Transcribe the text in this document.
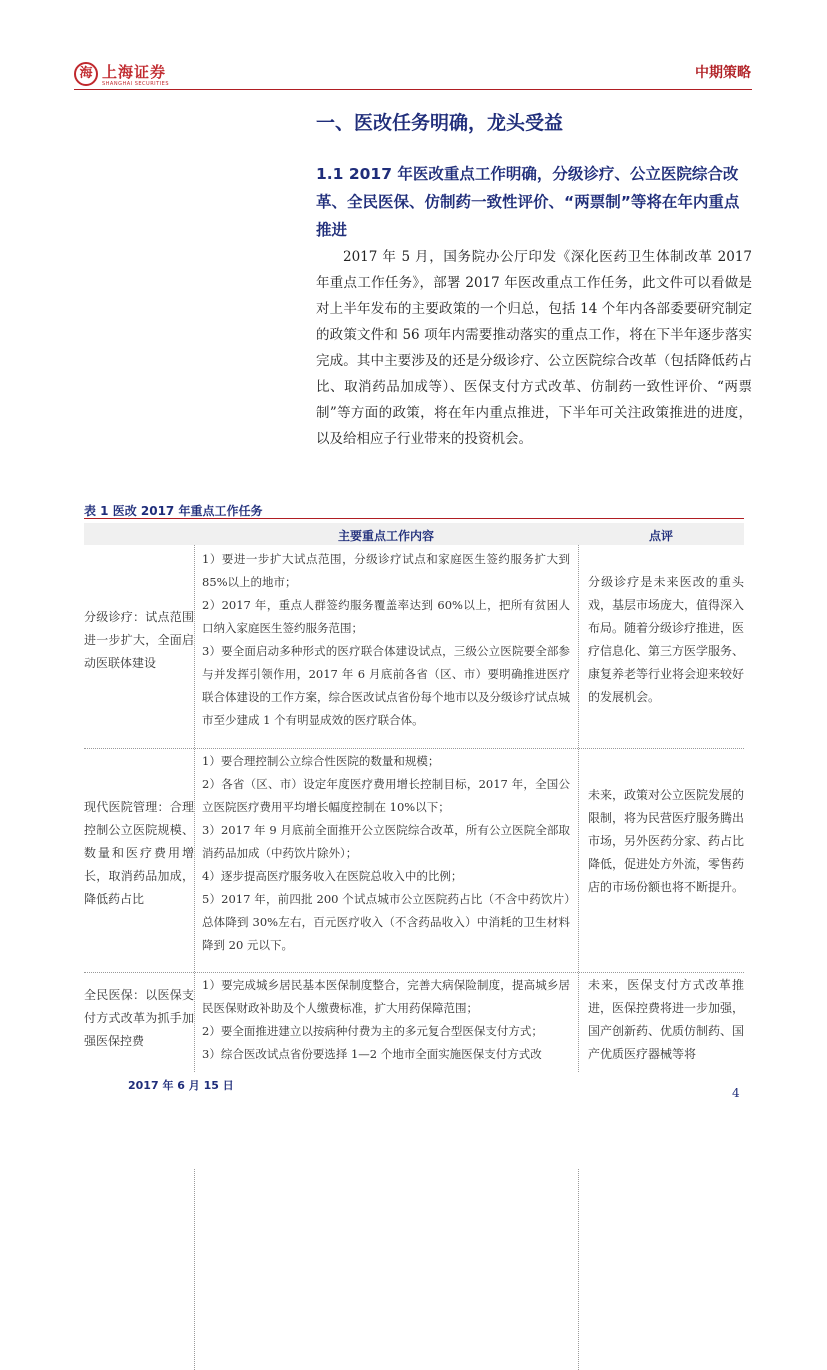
海 上海证券
SHANGHAI SECURITIES
中期策略
一、医改任务明确，龙头受益
1.1 2017 年医改重点工作明确，分级诊疗、公立医院综合改革、全民医保、仿制药一致性评价、“两票制”等将在年内重点推进

2017 年 5 月，国务院办公厅印发《深化医药卫生体制改革 2017 年重点工作任务》，部署 2017 年医改重点工作任务，此文件可以看做是对上半年发布的主要政策的一个归总，包括 14 个年内各部委要研究制定的政策文件和 56 项年内需要推动落实的重点工作，将在下半年逐步落实完成。其中主要涉及的还是分级诊疗、公立医院综合改革（包括降低药占比、取消药品加成等）、医保支付方式改革、仿制药一致性评价、“两票制”等方面的政策，将在年内重点推进，下半年可关注政策推进的进度，以及给相应子行业带来的投资机会。

表 1 医改 2017 年重点工作任务
主要重点工作内容	点评
分级诊疗：试点范围进一步扩大，全面启动医联体建设
1）要进一步扩大试点范围，分级诊疗试点和家庭医生签约服务扩大到 85%以上的地市；
2）2017 年，重点人群签约服务覆盖率达到 60%以上，把所有贫困人口纳入家庭医生签约服务范围；
3）要全面启动多种形式的医疗联合体建设试点，三级公立医院要全部参与并发挥引领作用，2017 年 6 月底前各省（区、市）要明确推进医疗联合体建设的工作方案，综合医改试点省份每个地市以及分级诊疗试点城市至少建成 1 个有明显成效的医疗联合体。
分级诊疗是未来医改的重头戏，基层市场庞大，值得深入布局。随着分级诊疗推进，医疗信息化、第三方医学服务、康复养老等行业将会迎来较好的发展机会。
现代医院管理：合理控制公立医院规模、数量和医疗费用增长，取消药品加成，降低药占比
1）要合理控制公立综合性医院的数量和规模；
2）各省（区、市）设定年度医疗费用增长控制目标，2017 年，全国公立医院医疗费用平均增长幅度控制在 10%以下；
3）2017 年 9 月底前全面推开公立医院综合改革，所有公立医院全部取消药品加成（中药饮片除外）；
4）逐步提高医疗服务收入在医院总收入中的比例；
5）2017 年，前四批 200 个试点城市公立医院药占比（不含中药饮片）总体降到 30%左右，百元医疗收入（不含药品收入）中消耗的卫生材料降到 20 元以下。
未来，政策对公立医院发展的限制，将为民营医疗服务腾出市场，另外医药分家、药占比降低，促进处方外流，零售药店的市场份额也将不断提升。
全民医保：以医保支付方式改革为抓手加强医保控费
1）要完成城乡居民基本医保制度整合，完善大病保险制度，提高城乡居民医保财政补助及个人缴费标准，扩大用药保障范围；
2）要全面推进建立以按病种付费为主的多元复合型医保支付方式；
3）综合医改试点省份要选择 1—2 个地市全面实施医保支付方式改
未来，医保支付方式改革推进，医保控费将进一步加强，国产创新药、优质仿制药、国产优质医疗器械等将
2017 年 6 月 15 日
4
